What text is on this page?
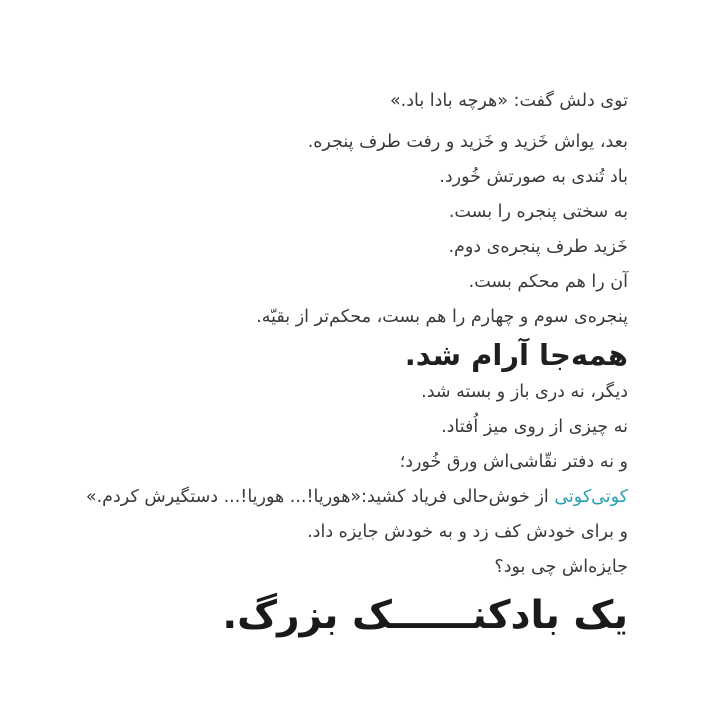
توی دلش گفت: «هرچه بادا باد.»
بعد، یواش خَزید و خَزید و رفت طرف پنجره.
باد تُندی به صورتش خُورد.
به سختی پنجره را بست.
خَزید طرف پنجره‌ی دوم.
آن را هم محکم بست.
پنجره‌ی سوم و چهارم را هم بست، محکم‌تر از بقیّه.
همه‌جا آرام شد.
دیگر، نه دری باز و بسته شد.
نه چیزی از روی میز اُفتاد.
و نه دفتر نقّاشی‌اش ورق خُورد؛
کوتی‌کوتی از خوش‌حالی فریاد کشید:«هوریا!... هوریا!... دستگیرش کردم.»
و برای خودش کف زد و به خودش جایزه داد.
جایزه‌اش چی بود؟
یک بادکنــــــک بزرگ.
